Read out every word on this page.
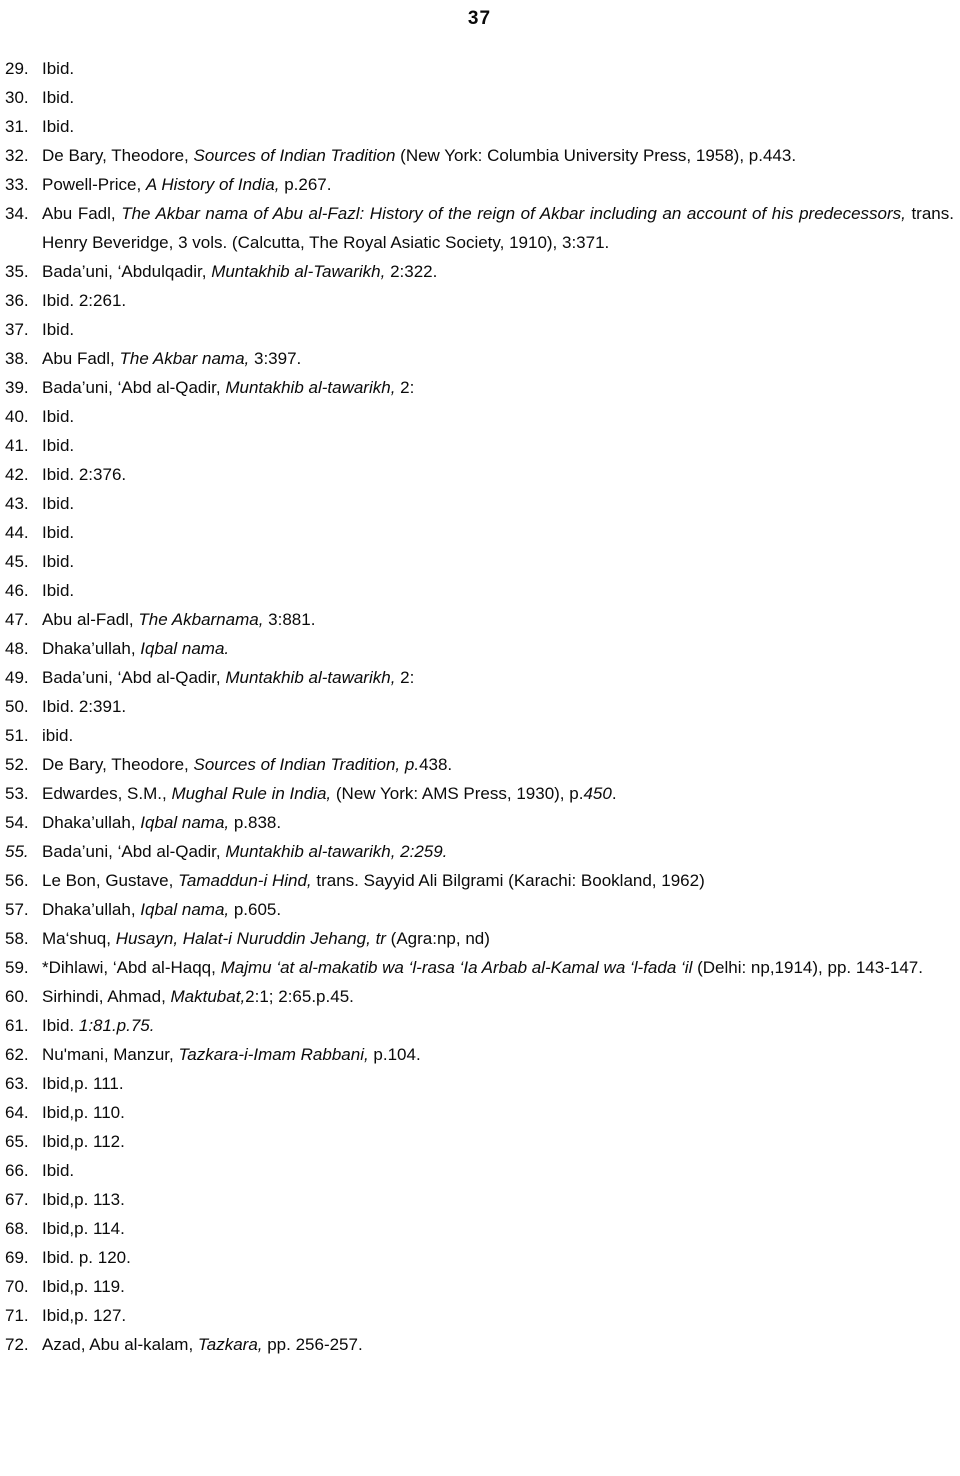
37
29. Ibid.
30. Ibid.
31. Ibid.
32. De Bary, Theodore, Sources of Indian Tradition (New York: Columbia University Press, 1958), p.443.
33. Powell-Price, A History of India, p.267.
34. Abu Fadl, The Akbar nama of Abu al-Fazl: History of the reign of Akbar including an account of his predecessors, trans. Henry Beveridge, 3 vols. (Calcutta, The Royal Asiatic Society, 1910), 3:371.
35. Bada’uni, ‘Abdulqadir, Muntakhib al-Tawarikh, 2:322.
36. Ibid. 2:261.
37. Ibid.
38. Abu Fadl, The Akbar nama, 3:397.
39. Bada’uni, ‘Abd al-Qadir, Muntakhib al-tawarikh, 2:
40. Ibid.
41. Ibid.
42. Ibid. 2:376.
43. Ibid.
44. Ibid.
45. Ibid.
46. Ibid.
47. Abu al-Fadl, The Akbarnama, 3:881.
48. Dhaka’ullah, Iqbal nama.
49. Bada’uni, ‘Abd al-Qadir, Muntakhib al-tawarikh, 2:
50. Ibid. 2:391.
51. ibid.
52. De Bary, Theodore, Sources of Indian Tradition, p.438.
53. Edwardes, S.M., Mughal Rule in India, (New York: AMS Press, 1930), p.450.
54. Dhaka’ullah, Iqbal nama, p.838.
55. Bada’uni, ‘Abd al-Qadir, Muntakhib al-tawarikh, 2:259.
56. Le Bon, Gustave, Tamaddun-i Hind, trans. Sayyid Ali Bilgrami (Karachi: Bookland, 1962)
57. Dhaka’ullah, Iqbal nama, p.605.
58. Ma‘shuq, Husayn, Halat-i Nuruddin Jehang, tr (Agra:np, nd)
59. *Dihlawi, ‘Abd al-Haqq, Majmu ‘at al-makatib wa ‘l-rasa ‘Ia Arbab al-Kamal wa ‘l-fada ‘il (Delhi: np,1914), pp. 143-147.
60. Sirhindi, Ahmad, Maktubat,2:1; 2:65.p.45.
61. Ibid. 1:81.p.75.
62. Nu'mani, Manzur, Tazkara-i-Imam Rabbani, p.104.
63. Ibid,p. 111.
64. Ibid,p. 110.
65. Ibid,p. 112.
66. Ibid.
67. Ibid,p. 113.
68. Ibid,p. 114.
69. Ibid. p. 120.
70. Ibid,p. 119.
71. Ibid,p. 127.
72. Azad, Abu al-kalam, Tazkara, pp. 256-257.
